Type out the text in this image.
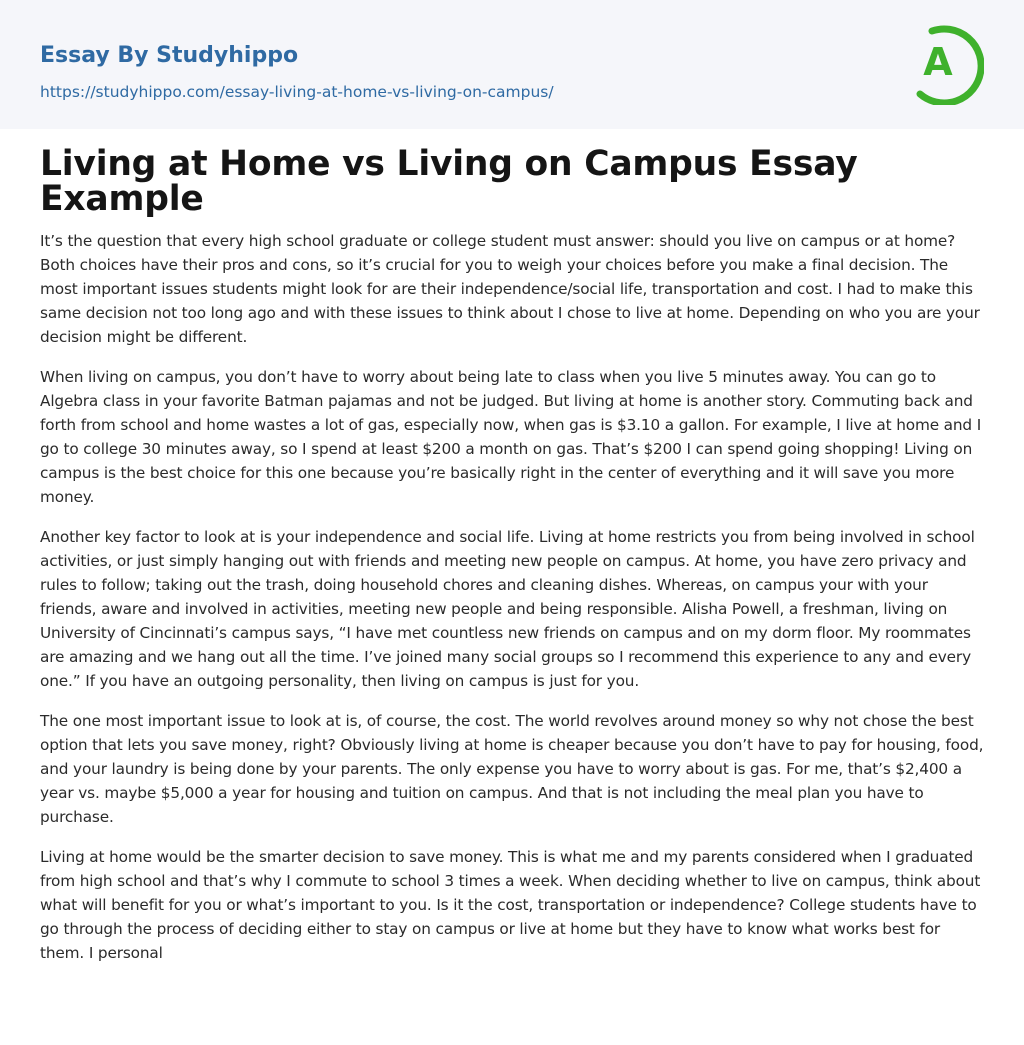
Essay By Studyhippo
https://studyhippo.com/essay-living-at-home-vs-living-on-campus/
A
Living at Home vs Living on Campus Essay Example

It’s the question that every high school graduate or college student must answer: should you live on campus or at home? Both choices have their pros and cons, so it’s crucial for you to weigh your choices before you make a final decision. The most important issues students might look for are their independence/social life, transportation and cost. I had to make this same decision not too long ago and with these issues to think about I chose to live at home. Depending on who you are your decision might be different.

When living on campus, you don’t have to worry about being late to class when you live 5 minutes away. You can go to Algebra class in your favorite Batman pajamas and not be judged. But living at home is another story. Commuting back and forth from school and home wastes a lot of gas, especially now, when gas is $3.10 a gallon. For example, I live at home and I go to college 30 minutes away, so I spend at least $200 a month on gas. That’s $200 I can spend going shopping! Living on campus is the best choice for this one because you’re basically right in the center of everything and it will save you more money.

Another key factor to look at is your independence and social life. Living at home restricts you from being involved in school activities, or just simply hanging out with friends and meeting new people on campus. At home, you have zero privacy and rules to follow; taking out the trash, doing household chores and cleaning dishes. Whereas, on campus your with your friends, aware and involved in activities, meeting new people and being responsible. Alisha Powell, a freshman, living on University of Cincinnati’s campus says, “I have met countless new friends on campus and on my dorm floor. My roommates are amazing and we hang out all the time. I’ve joined many social groups so I recommend this experience to any and every one.” If you have an outgoing personality, then living on campus is just for you.

The one most important issue to look at is, of course, the cost. The world revolves around money so why not chose the best option that lets you save money, right? Obviously living at home is cheaper because you don’t have to pay for housing, food, and your laundry is being done by your parents. The only expense you have to worry about is gas. For me, that’s $2,400 a year vs. maybe $5,000 a year for housing and tuition on campus. And that is not including the meal plan you have to purchase.

Living at home would be the smarter decision to save money. This is what me and my parents considered when I graduated from high school and that’s why I commute to school 3 times a week. When deciding whether to live on campus, think about what will benefit for you or what’s important to you. Is it the cost, transportation or independence? College students have to go through the process of deciding either to stay on campus or live at home but they have to know what works best for them. I personal
